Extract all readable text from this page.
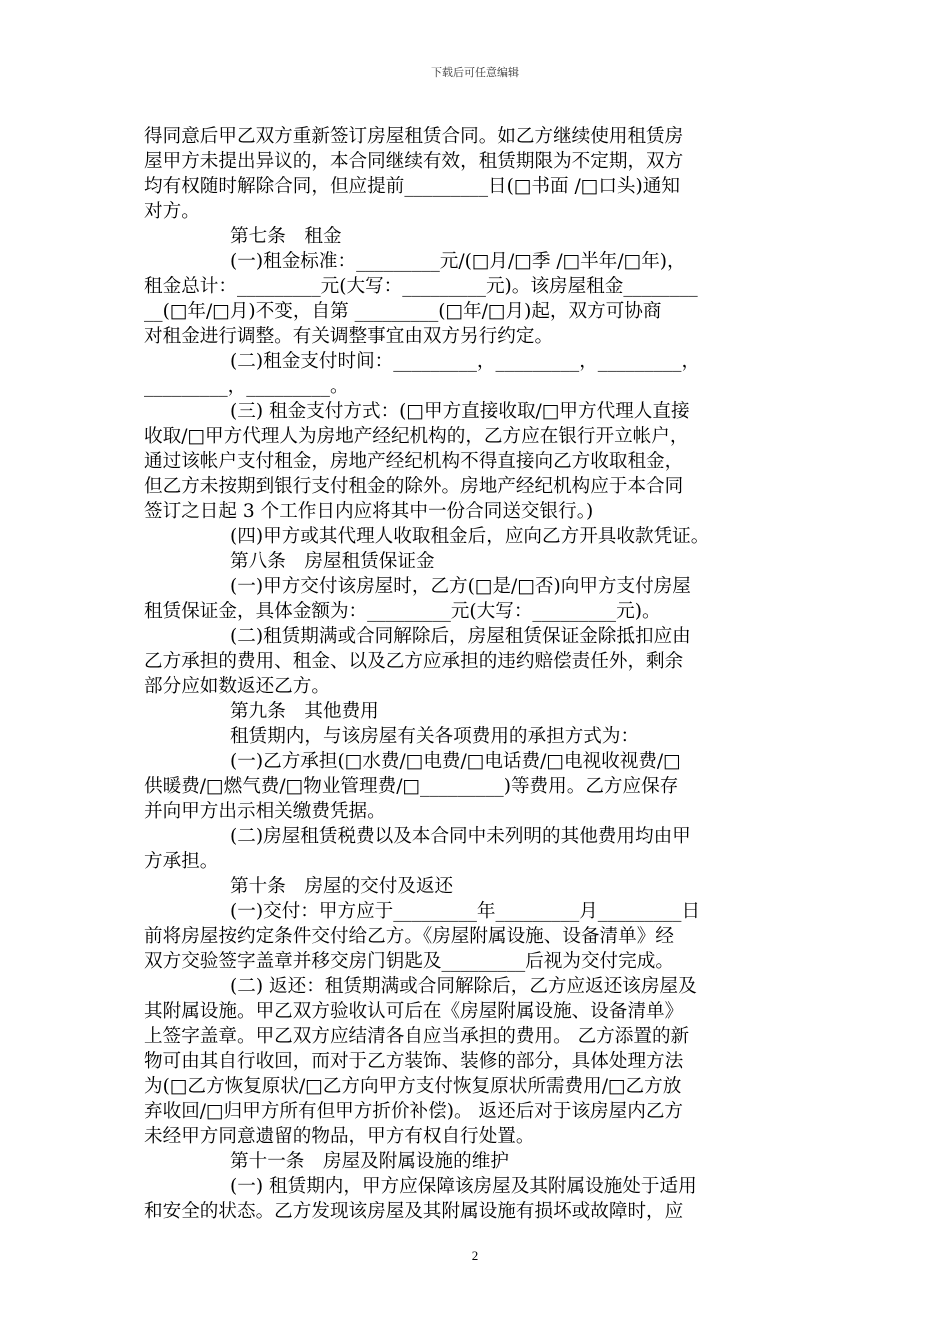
下载后可任意编辑
得同意后甲乙双方重新签订房屋租赁合同。如乙方继续使用租赁房
屋甲方未提出异议的，本合同继续有效，租赁期限为不定期，双方
均有权随时解除合同，但应提前_________日(□书面 /□口头)通知
对方。
第七条　租金
(一)租金标准：_________元/(□月/□季 /□半年/□年)，
租金总计：_________元(大写：_________元)。该房屋租金________
__(□年/□月)不变，自第 _________(□年/□月)起，双方可协商
对租金进行调整。有关调整事宜由双方另行约定。
(二)租金支付时间：_________，_________，_________，
_________，_________。
(三) 租金支付方式：(□甲方直接收取/□甲方代理人直接
收取/□甲方代理人为房地产经纪机构的，乙方应在银行开立帐户，
通过该帐户支付租金，房地产经纪机构不得直接向乙方收取租金，
但乙方未按期到银行支付租金的除外。房地产经纪机构应于本合同
签订之日起 3 个工作日内应将其中一份合同送交银行。)
(四)甲方或其代理人收取租金后，应向乙方开具收款凭证。
第八条　房屋租赁保证金
(一)甲方交付该房屋时，乙方(□是/□否)向甲方支付房屋
租赁保证金，具体金额为：_________元(大写：_________元)。
(二)租赁期满或合同解除后，房屋租赁保证金除抵扣应由
乙方承担的费用、租金、以及乙方应承担的违约赔偿责任外，剩余
部分应如数返还乙方。
第九条　其他费用
租赁期内，与该房屋有关各项费用的承担方式为：
(一)乙方承担(□水费/□电费/□电话费/□电视收视费/□
供暖费/□燃气费/□物业管理费/□_________)等费用。乙方应保存
并向甲方出示相关缴费凭据。
(二)房屋租赁税费以及本合同中未列明的其他费用均由甲
方承担。
第十条　房屋的交付及返还
(一)交付：甲方应于_________年_________月_________日
前将房屋按约定条件交付给乙方。《房屋附属设施、设备清单》经
双方交验签字盖章并移交房门钥匙及_________后视为交付完成。
(二) 返还：租赁期满或合同解除后，乙方应返还该房屋及
其附属设施。甲乙双方验收认可后在《房屋附属设施、设备清单》
上签字盖章。甲乙双方应结清各自应当承担的费用。 乙方添置的新
物可由其自行收回，而对于乙方装饰、装修的部分，具体处理方法
为(□乙方恢复原状/□乙方向甲方支付恢复原状所需费用/□乙方放
弃收回/□归甲方所有但甲方折价补偿)。 返还后对于该房屋内乙方
未经甲方同意遗留的物品，甲方有权自行处置。
第十一条　房屋及附属设施的维护
(一) 租赁期内，甲方应保障该房屋及其附属设施处于适用
和安全的状态。乙方发现该房屋及其附属设施有损坏或故障时，应
2
